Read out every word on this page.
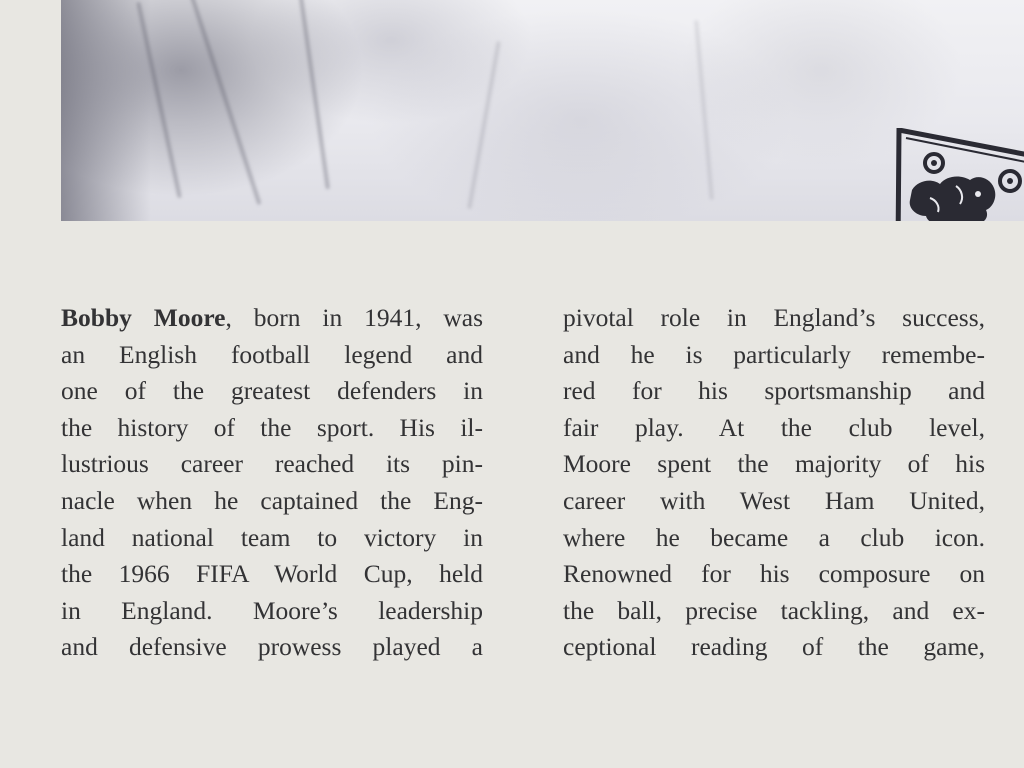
Bobby Moore, born in 1941, was
an English football legend and
one of the greatest defenders in
the history of the sport. His il-
lustrious career reached its pin-
nacle when he captained the Eng-
land national team to victory in
the 1966 FIFA World Cup, held
in England. Moore’s leadership
and defensive prowess played a
pivotal role in England’s success,
and he is particularly remembe-
red for his sportsmanship and
fair play. At the club level,
Moore spent the majority of his
career with West Ham United,
where he became a club icon.
Renowned for his composure on
the ball, precise tackling, and ex-
ceptional reading of the game,
